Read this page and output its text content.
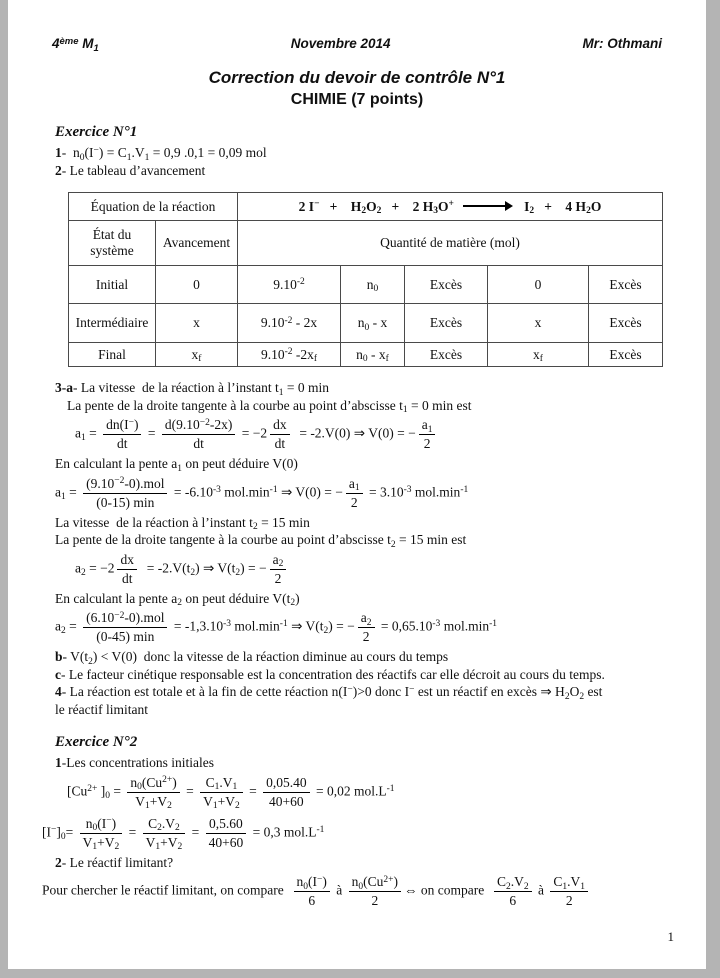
4ème $M_1$	Novembre 2014	Mr: Othmani
Correction du devoir de contrôle N°1
CHIMIE (7 points)
Exercice N°1
1-  $n_0(I^-) = C_1.V_1 = 0,9$ .0,1 = 0,09 mol
2- Le tableau d’avancement
Équation de la réaction		2 I−   +    $H_2O_2$   +    2 $H_3O^+ \to I_2$   +    4 $H_2O$				
État du système	Avancement	Quantité de matière (mol)				
Initial	0	$9.10^{-2}$	$n_0$	Excès	0	Excès
Intermédiaire	x	$9.10^{-2} - 2x$	$n_0$ - x	Excès	x	Excès
Final	$x_f$	$9.10^{-2}$ $-2x_f$	$n_0 - x_f$	Excès	$x_f$	Excès
3-a- La vitesse  de la réaction à l’instant $t_1 = 0$ min
La pente de la droite tangente à la courbe au point d’abscisse $t_1 = 0$ min est
$a_1 = \frac{dn(I^-)}{dt} = \frac{d(9.10^{-2}-2x)}{dt} = -2 \frac{dx}{dt} = -2.V(0)$ ⇒ V(0) = − $\frac{a_1}{2}$
En calculant la pente $a_1$ on peut déduire V(0)
$a_1 = \frac{(9.10^{-2}-0).mol}{(0-15) \min} = -6.10^{-3}$ $mol.\min^{-1}$ ⇒ V(0) = − $\frac{a_1}{2} = 3.10^{-3}$ $mol.\min^{-1}$
La vitesse  de la réaction à l’instant $t_2 = 15$ min
La pente de la droite tangente à la courbe au point d’abscisse $t_2 = 15$ min est
$a_2 = -2 \frac{dx}{dt} = -2.V(t_2)$ ⇒ $V(t_2)$ = − $\frac{a_2}{2}$
En calculant la pente $a_2$ on peut déduire $V(t_2)$
$a_2 = \frac{(6.10^{-2}-0).mol}{(0-45) \min} = -1,3.10^{-3}$ $mol.\min^{-1}$ ⇒ $V(t_2)$ = − $\frac{a_2}{2} = 0,65.10^{-3}$ $mol.\min^{-1}$
b- $V(t_2) < V(0)$  donc la vitesse de la réaction diminue au cours du temps
c- Le facteur cinétique responsable est la concentration des réactifs car elle décroit au cours du temps.
4- La réaction est totale et à la fin de cette réaction n(I−)>0 donc I− est un réactif en excès ⇒ $H_2O_2$ est
le réactif limitant
Exercice N°2
1-Les concentrations initiales
[$Cu^{2+}$ ]$_0 = \frac{n_0(Cu^{2+})}{V_1+V_2} = \frac{C_1.V_1}{V_1+V_2} = \frac{0,05.40}{40+60} = 0,02$ $mol.L^{-1}$
$[I^-]_0= \frac{n_0(I^-)}{V_1+V_2} = \frac{C_2.V_2}{V_1+V_2} = \frac{0,5.60}{40+60} = 0,3$ $mol.L^{-1}$
2- Le réactif limitant?
Pour chercher le réactif limitant, on compare $\frac{n_0(I^-)}{6}$ à $\frac{n_0(Cu^{2+})}{2}$ ⇔ on compare $\frac{C_2.V_2}{6}$ à $\frac{C_1.V_1}{2}$
1
